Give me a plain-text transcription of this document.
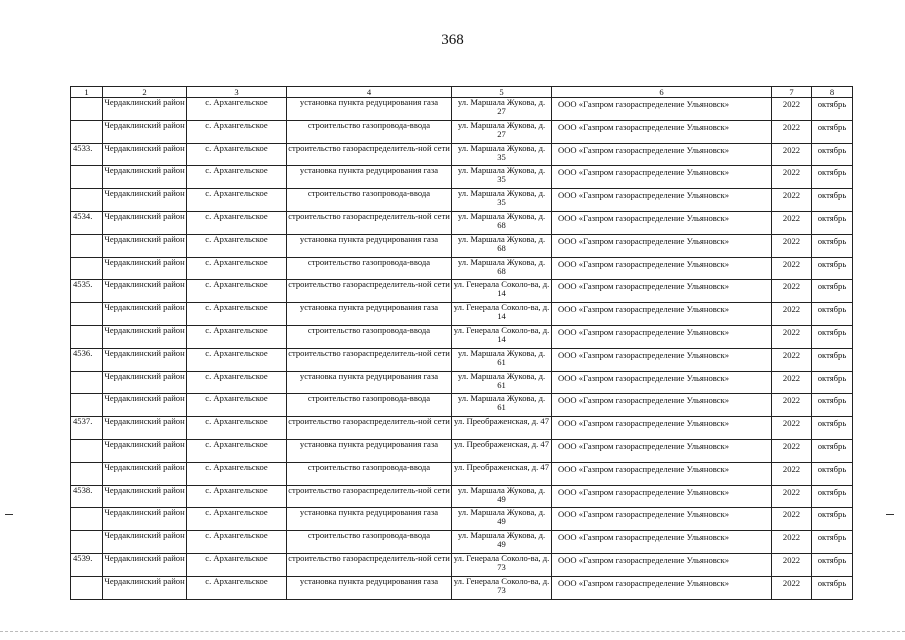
368
1	2	3	4	5	6	7	8
	Чердаклинский район	с. Архангельское	установка пункта редуцирования газа	ул. Маршала Жукова, д. 27	ООО «Газпром газораспределение Ульяновск»	2022	октябрь
	Чердаклинский район	с. Архангельское	строительство газопровода-ввода	ул. Маршала Жукова, д. 27	ООО «Газпром газораспределение Ульяновск»	2022	октябрь
4533.	Чердаклинский район	с. Архангельское	строительство газораспределитель-ной сети	ул. Маршала Жукова, д. 35	ООО «Газпром газораспределение Ульяновск»	2022	октябрь
	Чердаклинский район	с. Архангельское	установка пункта редуцирования газа	ул. Маршала Жукова, д. 35	ООО «Газпром газораспределение Ульяновск»	2022	октябрь
	Чердаклинский район	с. Архангельское	строительство газопровода-ввода	ул. Маршала Жукова, д. 35	ООО «Газпром газораспределение Ульяновск»	2022	октябрь
4534.	Чердаклинский район	с. Архангельское	строительство газораспределитель-ной сети	ул. Маршала Жукова, д. 68	ООО «Газпром газораспределение Ульяновск»	2022	октябрь
	Чердаклинский район	с. Архангельское	установка пункта редуцирования газа	ул. Маршала Жукова, д. 68	ООО «Газпром газораспределение Ульяновск»	2022	октябрь
	Чердаклинский район	с. Архангельское	строительство газопровода-ввода	ул. Маршала Жукова, д. 68	ООО «Газпром газораспределение Ульяновск»	2022	октябрь
4535.	Чердаклинский район	с. Архангельское	строительство газораспределитель-ной сети	ул. Генерала Соколо-ва, д. 14	ООО «Газпром газораспределение Ульяновск»	2022	октябрь
	Чердаклинский район	с. Архангельское	установка пункта редуцирования газа	ул. Генерала Соколо-ва, д. 14	ООО «Газпром газораспределение Ульяновск»	2022	октябрь
	Чердаклинский район	с. Архангельское	строительство газопровода-ввода	ул. Генерала Соколо-ва, д. 14	ООО «Газпром газораспределение Ульяновск»	2022	октябрь
4536.	Чердаклинский район	с. Архангельское	строительство газораспределитель-ной сети	ул. Маршала Жукова, д. 61	ООО «Газпром газораспределение Ульяновск»	2022	октябрь
	Чердаклинский район	с. Архангельское	установка пункта редуцирования газа	ул. Маршала Жукова, д. 61	ООО «Газпром газораспределение Ульяновск»	2022	октябрь
	Чердаклинский район	с. Архангельское	строительство газопровода-ввода	ул. Маршала Жукова, д. 61	ООО «Газпром газораспределение Ульяновск»	2022	октябрь
4537.	Чердаклинский район	с. Архангельское	строительство газораспределитель-ной сети	ул. Преображенская, д. 47	ООО «Газпром газораспределение Ульяновск»	2022	октябрь
	Чердаклинский район	с. Архангельское	установка пункта редуцирования газа	ул. Преображенская, д. 47	ООО «Газпром газораспределение Ульяновск»	2022	октябрь
	Чердаклинский район	с. Архангельское	строительство газопровода-ввода	ул. Преображенская, д. 47	ООО «Газпром газораспределение Ульяновск»	2022	октябрь
4538.	Чердаклинский район	с. Архангельское	строительство газораспределитель-ной сети	ул. Маршала Жукова, д. 49	ООО «Газпром газораспределение Ульяновск»	2022	октябрь
	Чердаклинский район	с. Архангельское	установка пункта редуцирования газа	ул. Маршала Жукова, д. 49	ООО «Газпром газораспределение Ульяновск»	2022	октябрь
	Чердаклинский район	с. Архангельское	строительство газопровода-ввода	ул. Маршала Жукова, д. 49	ООО «Газпром газораспределение Ульяновск»	2022	октябрь
4539.	Чердаклинский район	с. Архангельское	строительство газораспределитель-ной сети	ул. Генерала Соколо-ва, д. 73	ООО «Газпром газораспределение Ульяновск»	2022	октябрь
	Чердаклинский район	с. Архангельское	установка пункта редуцирования газа	ул. Генерала Соколо-ва, д. 73	ООО «Газпром газораспределение Ульяновск»	2022	октябрь
